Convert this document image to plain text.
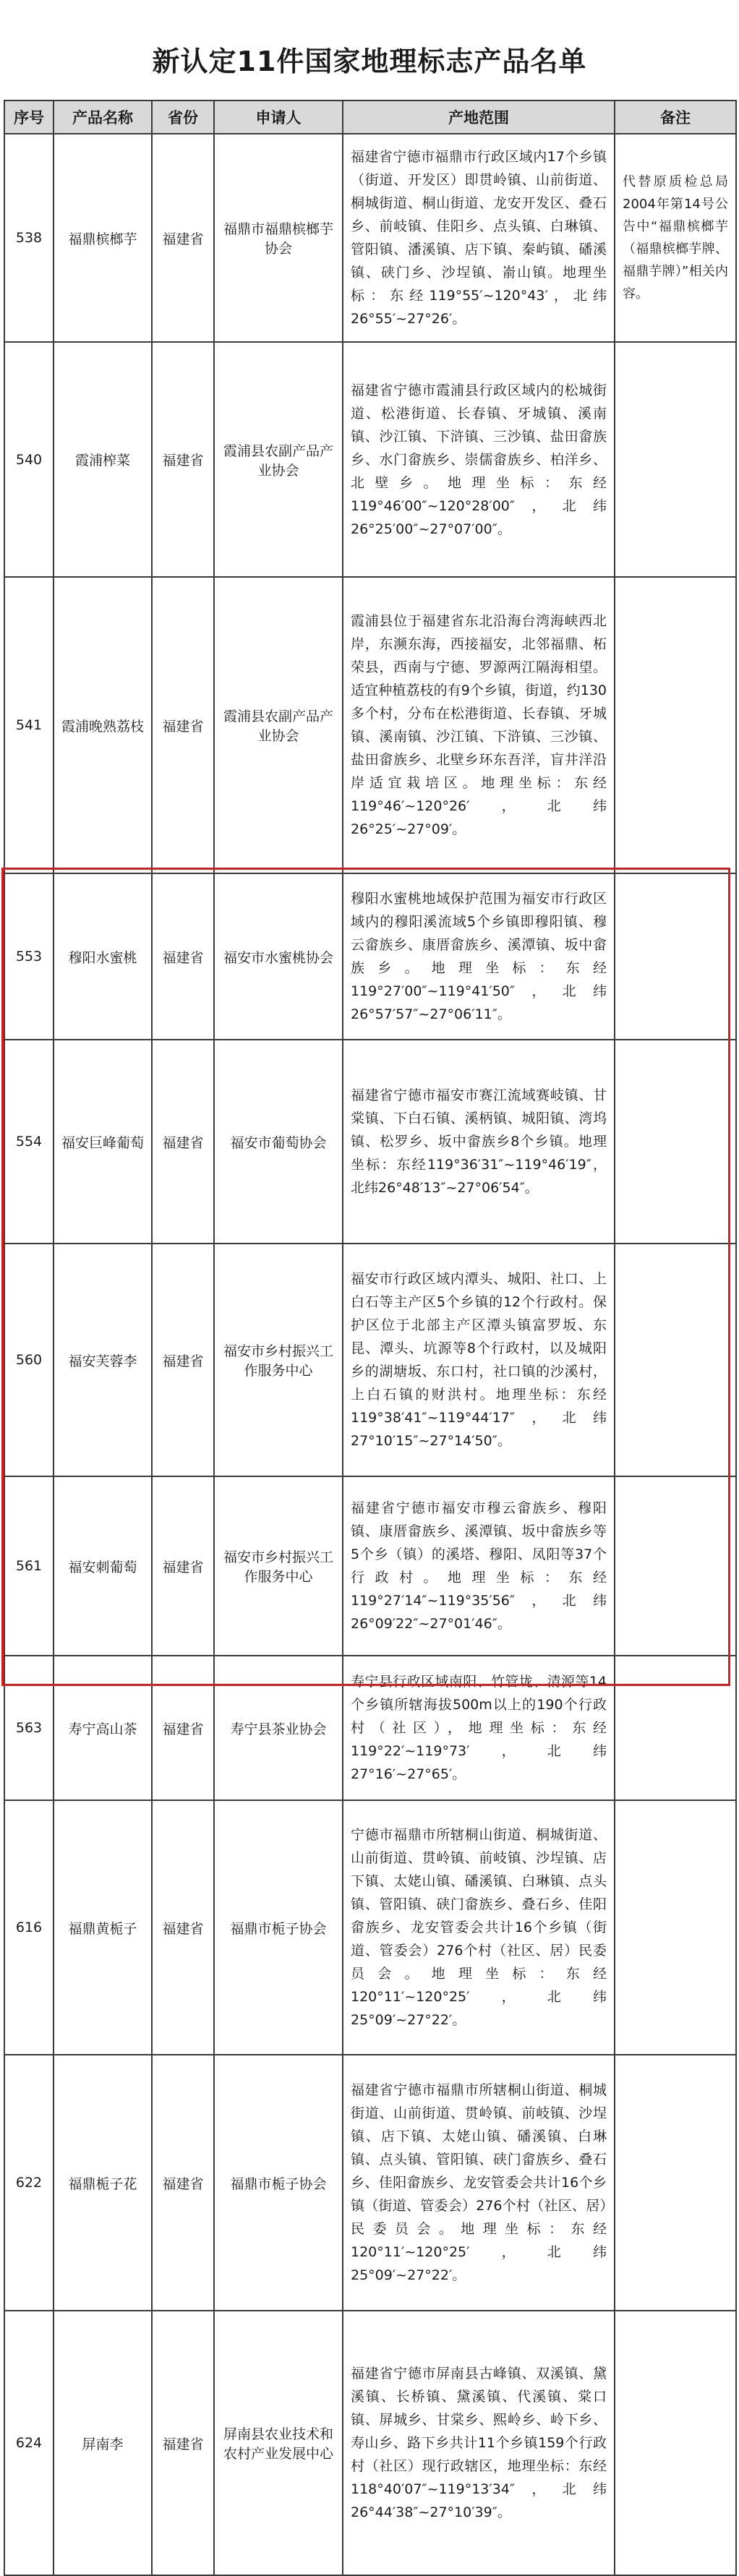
新认定11件国家地理标志产品名单
序号	产品名称	省份	申请人	产地范围	备注
538	福鼎槟榔芋	福建省	福鼎市福鼎槟榔芋协会	福建省宁德市福鼎市行政区域内17个乡镇（街道、开发区）即贯岭镇、山前街道、桐城街道、桐山街道、龙安开发区、叠石乡、前岐镇、佳阳乡、点头镇、白琳镇、管阳镇、潘溪镇、店下镇、秦屿镇、磻溪镇、硖门乡、沙埕镇、嵛山镇。地理坐标：东经119°55′~120°43′，北纬26°55′~27°26′。	代替原质检总局2004年第14号公告中“福鼎槟榔芋（福鼎槟榔芋牌、福鼎芋牌）”相关内容。
540	霞浦榨菜	福建省	霞浦县农副产品产业协会	福建省宁德市霞浦县行政区域内的松城街道、松港街道、长春镇、牙城镇、溪南镇、沙江镇、下浒镇、三沙镇、盐田畲族乡、水门畲族乡、崇儒畲族乡、柏洋乡、北壁乡。地理坐标：东经119°46′00″~120°28′00″，北纬26°25′00″~27°07′00″。	
541	霞浦晚熟荔枝	福建省	霞浦县农副产品产业协会	霞浦县位于福建省东北沿海台湾海峡西北岸，东濒东海，西接福安，北邻福鼎、柘荣县，西南与宁德、罗源两江隔海相望。适宜种植荔枝的有9个乡镇，街道，约130多个村，分布在松港街道、长春镇、牙城镇、溪南镇、沙江镇、下浒镇、三沙镇、盐田畲族乡、北壁乡环东吾洋，盲井洋沿岸适宜栽培区。地理坐标：东经119°46′~120°26′，北纬26°25′~27°09′。	
553	穆阳水蜜桃	福建省	福安市水蜜桃协会	穆阳水蜜桃地域保护范围为福安市行政区域内的穆阳溪流域5个乡镇即穆阳镇、穆云畲族乡、康厝畲族乡、溪潭镇、坂中畲族乡。地理坐标：东经119°27′00″~119°41′50″，北纬26°57′57″~27°06′11″。	
554	福安巨峰葡萄	福建省	福安市葡萄协会	福建省宁德市福安市赛江流域赛岐镇、甘棠镇、下白石镇、溪柄镇、城阳镇、湾坞镇、松罗乡、坂中畲族乡8个乡镇。地理坐标：东经119°36′31″~119°46′19″，北纬26°48′13″~27°06′54″。	
560	福安芙蓉李	福建省	福安市乡村振兴工作服务中心	福安市行政区域内潭头、城阳、社口、上白石等主产区5个乡镇的12个行政村。保护区位于北部主产区潭头镇富罗坂、东昆、潭头、坑源等8个行政村，以及城阳乡的湖塘坂、东口村，社口镇的沙溪村，上白石镇的财洪村。地理坐标：东经119°38′41″~119°44′17″，北纬27°10′15″~27°14′50″。	
561	福安刺葡萄	福建省	福安市乡村振兴工作服务中心	福建省宁德市福安市穆云畲族乡、穆阳镇、康厝畲族乡、溪潭镇、坂中畲族乡等5个乡（镇）的溪塔、穆阳、凤阳等37个行政村。地理坐标：东经119°27′14″~119°35′56″，北纬26°09′22″~27°01′46″。	
563	寿宁高山茶	福建省	寿宁县茶业协会	寿宁县行政区域南阳、竹管垅、清源等14个乡镇所辖海拔500m以上的190个行政村（社区），地理坐标：东经119°22′~119°73′，北纬27°16′~27°65′。	
616	福鼎黄栀子	福建省	福鼎市栀子协会	宁德市福鼎市所辖桐山街道、桐城街道、山前街道、贯岭镇、前岐镇、沙埕镇、店下镇、太姥山镇、磻溪镇、白琳镇、点头镇、管阳镇、硖门畲族乡、叠石乡、佳阳畲族乡、龙安管委会共计16个乡镇（街道、管委会）276个村（社区、居）民委员会。地理坐标：东经120°11′~120°25′，北纬25°09′~27°22′。	
622	福鼎栀子花	福建省	福鼎市栀子协会	福建省宁德市福鼎市所辖桐山街道、桐城街道、山前街道、贯岭镇、前岐镇、沙埕镇、店下镇、太姥山镇、磻溪镇、白琳镇、点头镇、管阳镇、硖门畲族乡、叠石乡、佳阳畲族乡、龙安管委会共计16个乡镇（街道、管委会）276个村（社区、居）民委员会。地理坐标：东经120°11′~120°25′，北纬25°09′~27°22′。	
624	屏南李	福建省	屏南县农业技术和农村产业发展中心	福建省宁德市屏南县古峰镇、双溪镇、黛溪镇、长桥镇、黛溪镇、代溪镇、棠口镇、屏城乡、甘棠乡、熙岭乡、岭下乡、寿山乡、路下乡共计11个乡镇159个行政村（社区）现行政辖区，地理坐标：东经118°40′07″~119°13′34″，北纬26°44′38″~27°10′39″。	
